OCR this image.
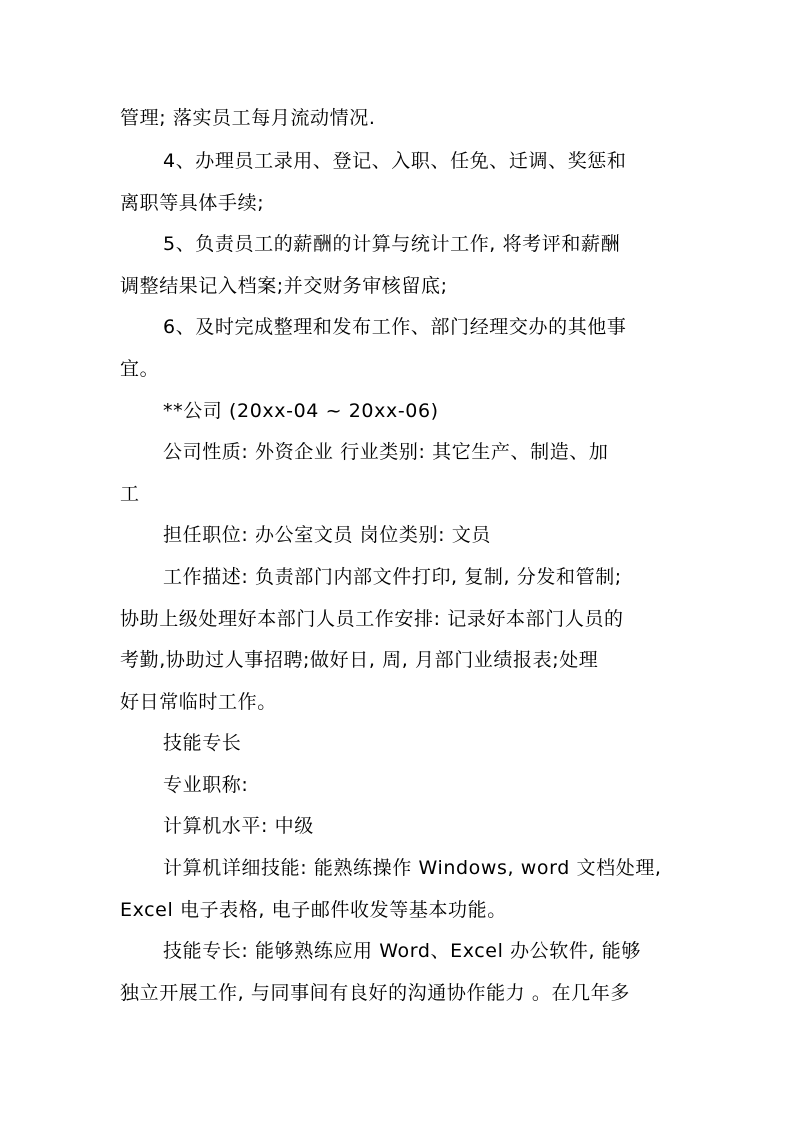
管理; 落实员工每月流动情况.
4、办理员工录用、登记、入职、任免、迁调、奖惩和
离职等具体手续;
5、负责员工的薪酬的计算与统计工作, 将考评和薪酬
调整结果记入档案;并交财务审核留底;
6、及时完成整理和发布工作、部门经理交办的其他事
宜。
**公司 (20xx-04 ~ 20xx-06)
公司性质: 外资企业 行业类别: 其它生产、制造、加
工
担任职位: 办公室文员 岗位类别: 文员
工作描述: 负责部门内部文件打印, 复制, 分发和管制;
协助上级处理好本部门人员工作安排: 记录好本部门人员的
考勤,协助过人事招聘;做好日, 周, 月部门业绩报表;处理
好日常临时工作。
技能专长
专业职称:
计算机水平: 中级
计算机详细技能: 能熟练操作 Windows, word 文档处理,
Excel 电子表格, 电子邮件收发等基本功能。
技能专长: 能够熟练应用 Word、Excel 办公软件, 能够
独立开展工作, 与同事间有良好的沟通协作能力 。在几年多
